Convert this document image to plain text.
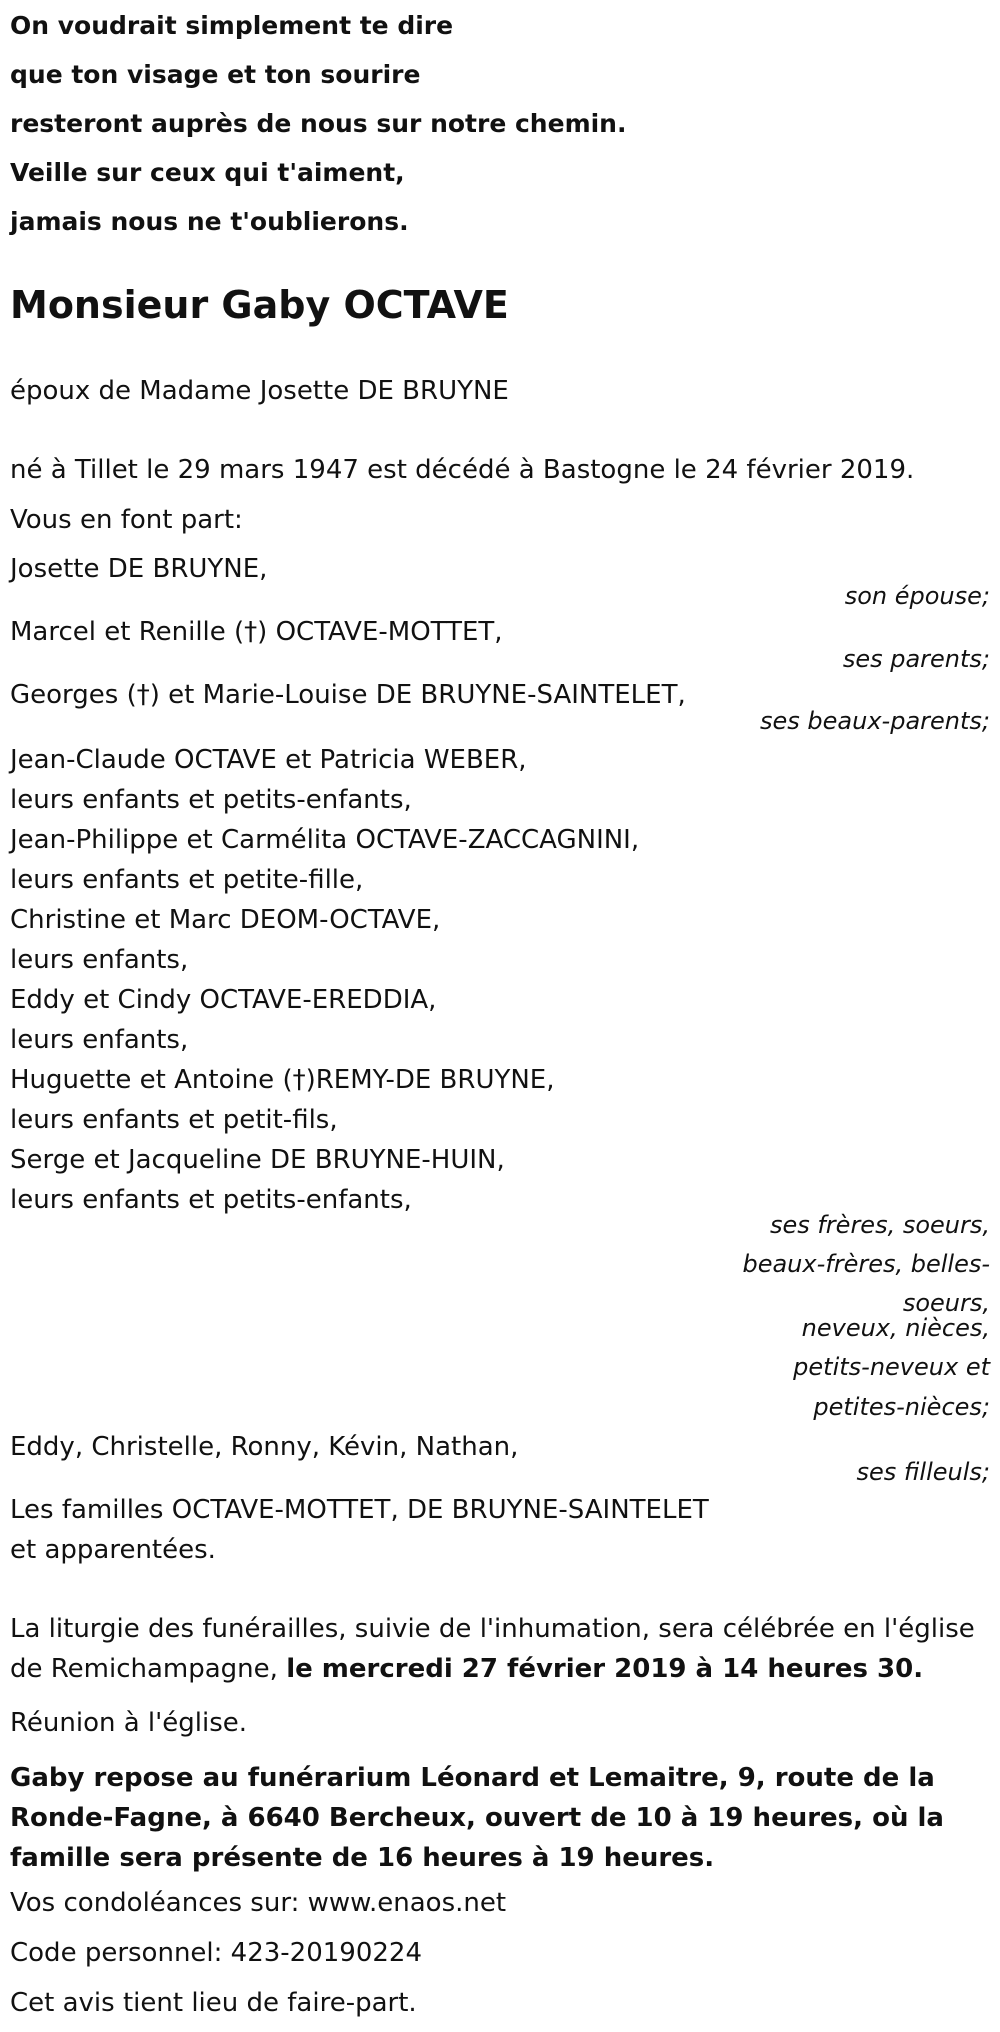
On voudrait simplement te dire

que ton visage et ton sourire

resteront auprès de nous sur notre chemin.

Veille sur ceux qui t'aiment,

jamais nous ne t'oublierons.

Monsieur Gaby OCTAVE

époux de Madame Josette DE BRUYNE

né à Tillet le 29 mars 1947 est décédé à Bastogne le 24 février 2019.

Vous en font part:

Josette DE BRUYNE,

son épouse;

Marcel et Renille (†) OCTAVE-MOTTET,

ses parents;

Georges (†) et Marie-Louise DE BRUYNE-SAINTELET,

ses beaux-parents;

Jean-Claude OCTAVE et Patricia WEBER,

leurs enfants et petits-enfants,

Jean-Philippe et Carmélita OCTAVE-ZACCAGNINI,

leurs enfants et petite-fille,

Christine et Marc DEOM-OCTAVE,

leurs enfants,

Eddy et Cindy OCTAVE-EREDDIA,

leurs enfants,

Huguette et Antoine (†)REMY-DE BRUYNE,

leurs enfants et petit-fils,

Serge et Jacqueline DE BRUYNE-HUIN,

leurs enfants et petits-enfants,

ses frères, soeurs,

beaux-frères, belles-

soeurs,

neveux, nièces,

petits-neveux et

petites-nièces;

Eddy, Christelle, Ronny, Kévin, Nathan,

ses filleuls;

Les familles OCTAVE-MOTTET, DE BRUYNE-SAINTELET

et apparentées.

La liturgie des funérailles, suivie de l'inhumation, sera célébrée en l'église de Remichampagne, le mercredi 27 février 2019 à 14 heures 30.

Réunion à l'église.

Gaby repose au funérarium Léonard et Lemaitre, 9, route de la Ronde-Fagne, à 6640 Bercheux, ouvert de 10 à 19 heures, où la famille sera présente de 16 heures à 19 heures.

Vos condoléances sur: www.enaos.net

Code personnel: 423-20190224

Cet avis tient lieu de faire-part.
